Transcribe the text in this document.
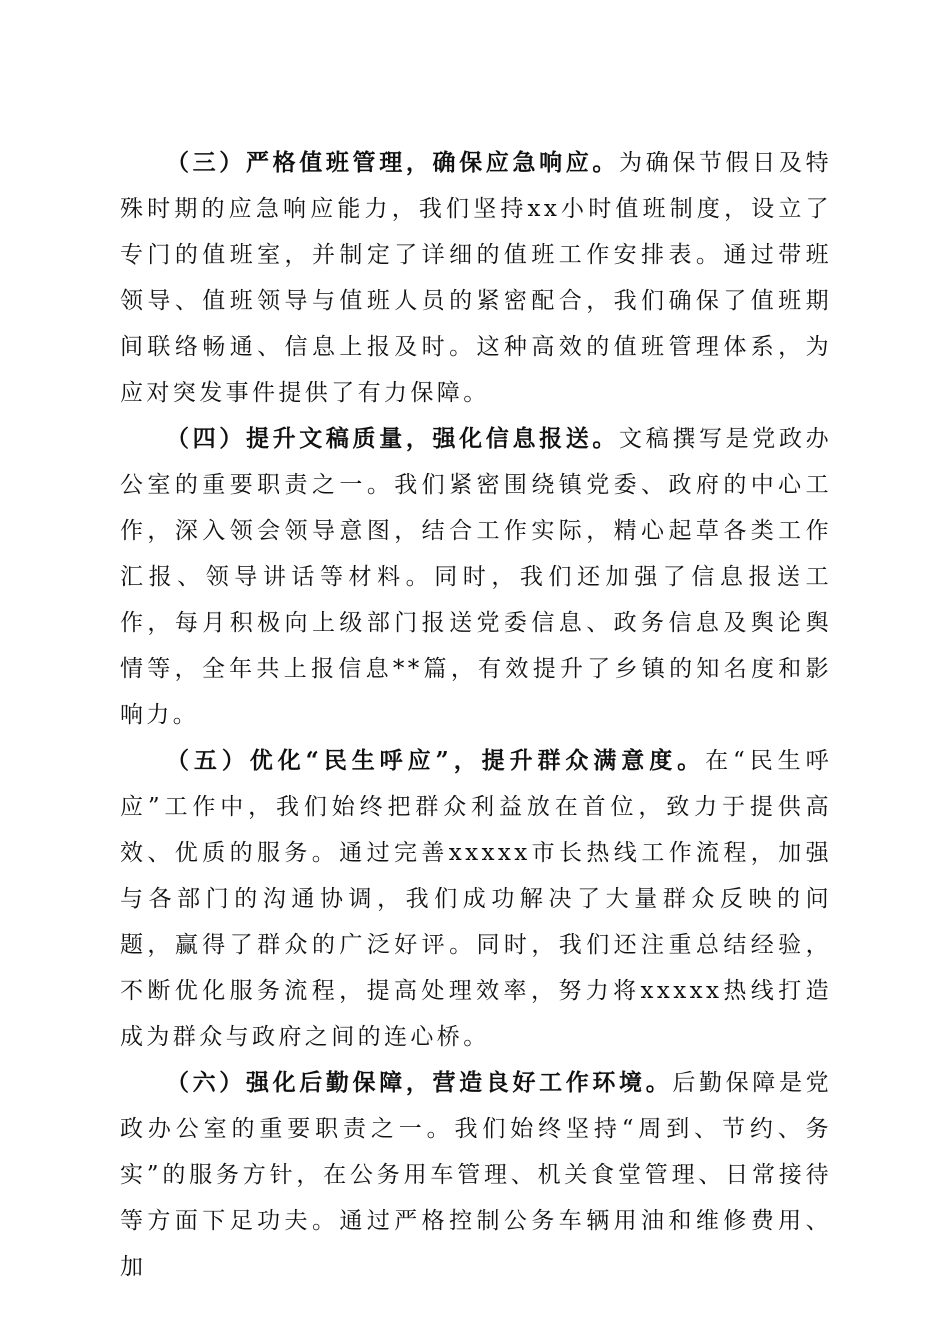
（三）严格值班管理，确保应急响应。为确保节假日及特殊时期的应急响应能力，我们坚持xx小时值班制度，设立了专门的值班室，并制定了详细的值班工作安排表。通过带班领导、值班领导与值班人员的紧密配合，我们确保了值班期间联络畅通、信息上报及时。这种高效的值班管理体系，为应对突发事件提供了有力保障。

（四）提升文稿质量，强化信息报送。文稿撰写是党政办公室的重要职责之一。我们紧密围绕镇党委、政府的中心工作，深入领会领导意图，结合工作实际，精心起草各类工作汇报、领导讲话等材料。同时，我们还加强了信息报送工作，每月积极向上级部门报送党委信息、政务信息及舆论舆情等，全年共上报信息**篇，有效提升了乡镇的知名度和影响力。

（五）优化“民生呼应”，提升群众满意度。在“民生呼应”工作中，我们始终把群众利益放在首位，致力于提供高效、优质的服务。通过完善xxxxx市长热线工作流程，加强与各部门的沟通协调，我们成功解决了大量群众反映的问题，赢得了群众的广泛好评。同时，我们还注重总结经验，不断优化服务流程，提高处理效率，努力将xxxxx热线打造成为群众与政府之间的连心桥。

（六）强化后勤保障，营造良好工作环境。后勤保障是党政办公室的重要职责之一。我们始终坚持“周到、节约、务实”的服务方针，在公务用车管理、机关食堂管理、日常接待等方面下足功夫。通过严格控制公务车辆用油和维修费用、加
